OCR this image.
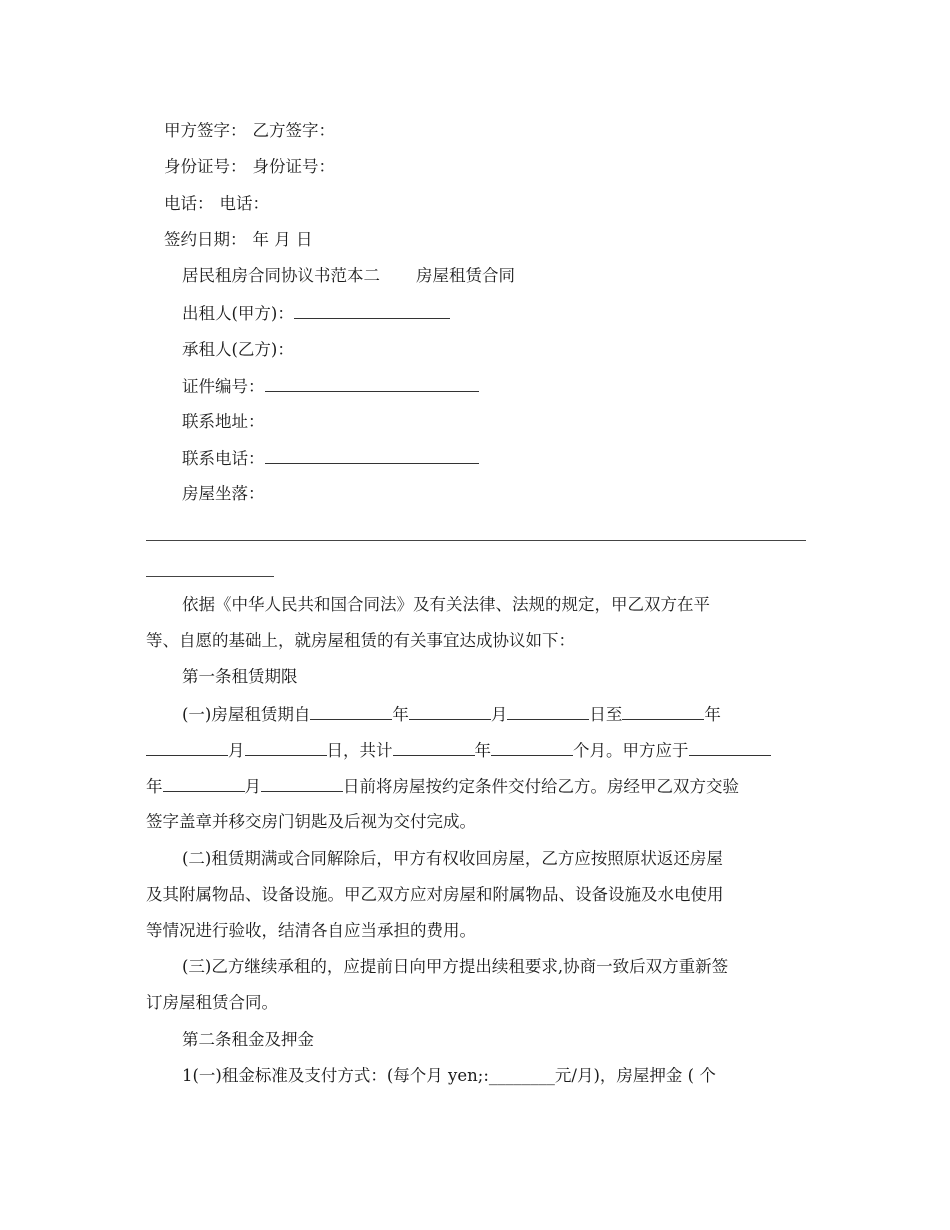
甲方签字： 乙方签字：
身份证号： 身份证号：
电话： 电话：
签约日期： 年 月 日
居民租房合同协议书范本二 房屋租赁合同
出租人(甲方)：
承租人(乙方)：
证件编号：
联系地址：
联系电话：
房屋坐落：
依据《中华人民共和国合同法》及有关法律、法规的规定，甲乙双方在平
等、自愿的基础上，就房屋租赁的有关事宜达成协议如下：
第一条租赁期限
(一)房屋租赁期自	年	月	日至	年
月	日，共计	年	个月。甲方应于
年	月	日前将房屋按约定条件交付给乙方。房经甲乙双方交验
签字盖章并移交房门钥匙及后视为交付完成。
(二)租赁期满或合同解除后，甲方有权收回房屋，乙方应按照原状返还房屋
及其附属物品、设备设施。甲乙双方应对房屋和附属物品、设备设施及水电使用
等情况进行验收，结清各自应当承担的费用。
(三)乙方继续承租的，应提前日向甲方提出续租要求,协商一致后双方重新签
订房屋租赁合同。
第二条租金及押金
1(一)租金标准及支付方式：(每个月 yen;:________元/月)，房屋押金 ( 个
